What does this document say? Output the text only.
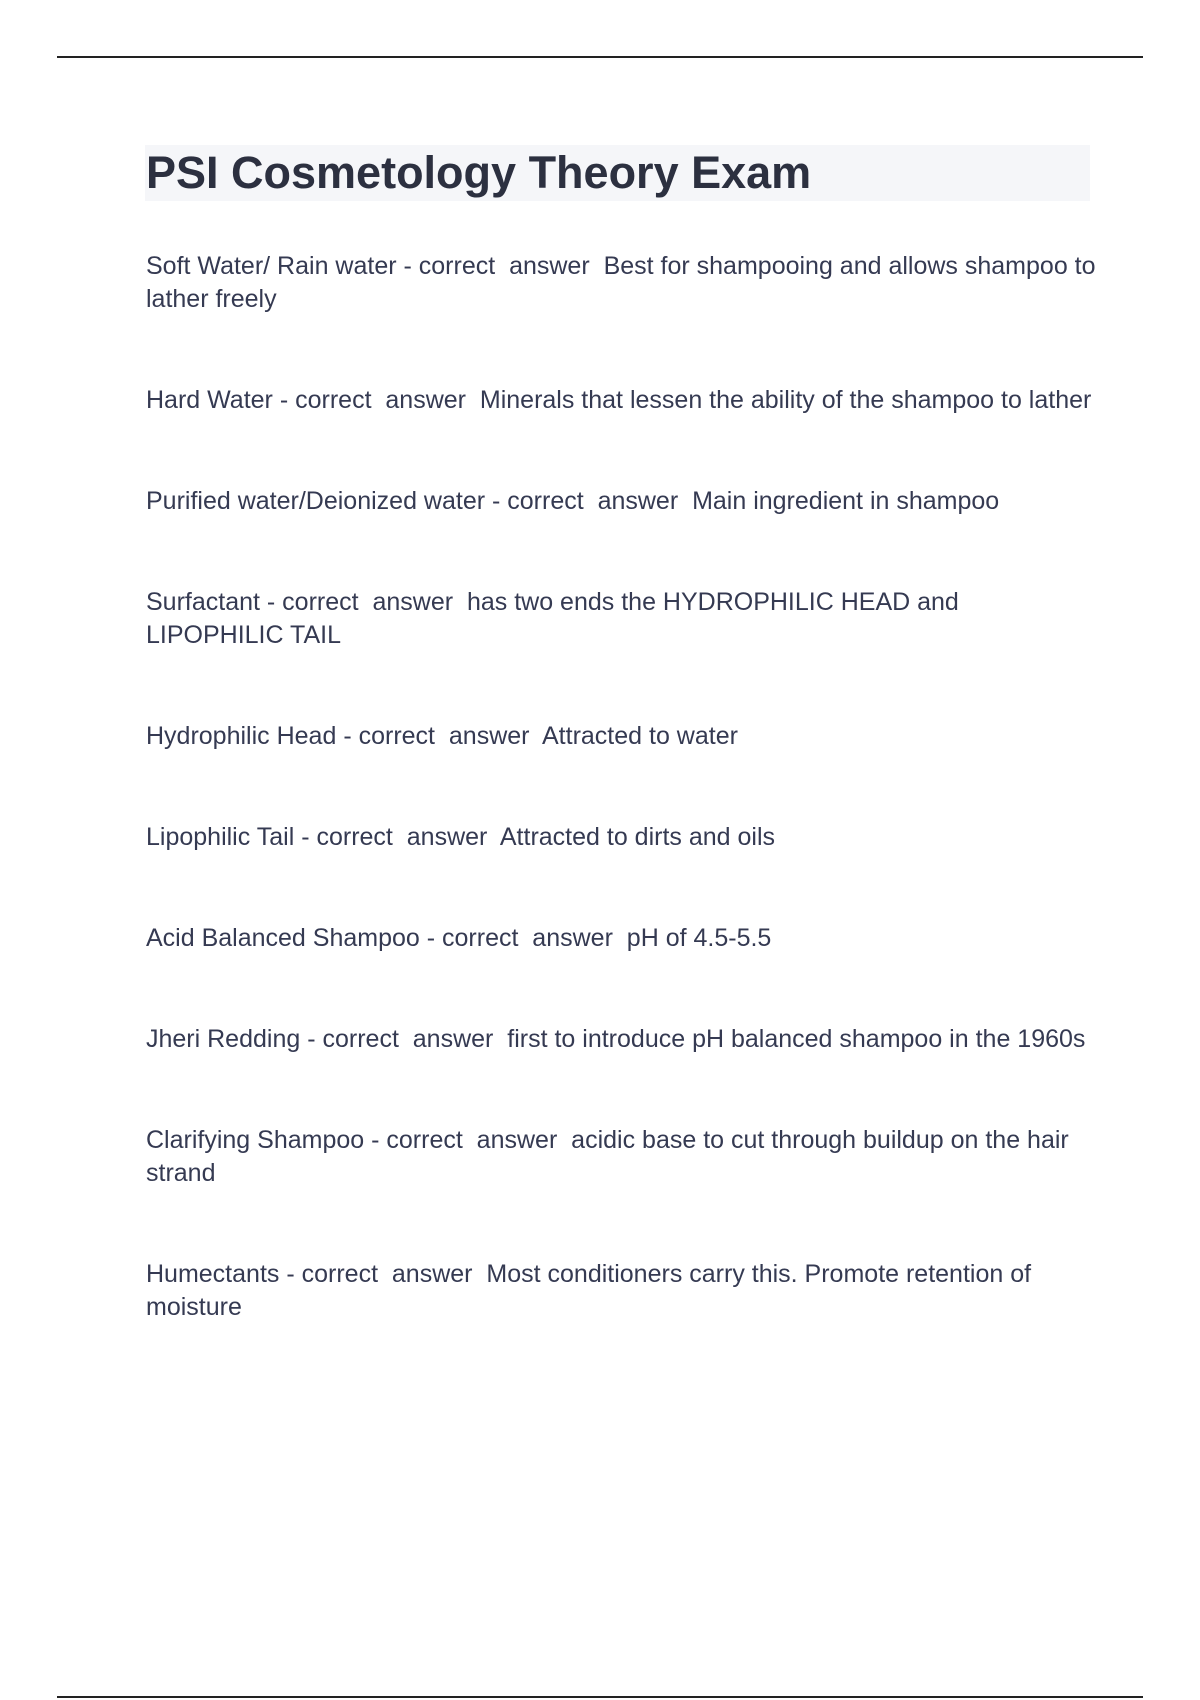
PSI Cosmetology Theory Exam
Soft Water/ Rain water - correct  answer  Best for shampooing and allows shampoo to lather freely
Hard Water - correct  answer  Minerals that lessen the ability of the shampoo to lather
Purified water/Deionized water - correct  answer  Main ingredient in shampoo
Surfactant - correct  answer  has two ends the HYDROPHILIC HEAD and LIPOPHILIC TAIL
Hydrophilic Head - correct  answer  Attracted to water
Lipophilic Tail - correct  answer  Attracted to dirts and oils
Acid Balanced Shampoo - correct  answer  pH of 4.5-5.5
Jheri Redding - correct  answer  first to introduce pH balanced shampoo in the 1960s
Clarifying Shampoo - correct  answer  acidic base to cut through buildup on the hair strand
Humectants - correct  answer  Most conditioners carry this. Promote retention of moisture
